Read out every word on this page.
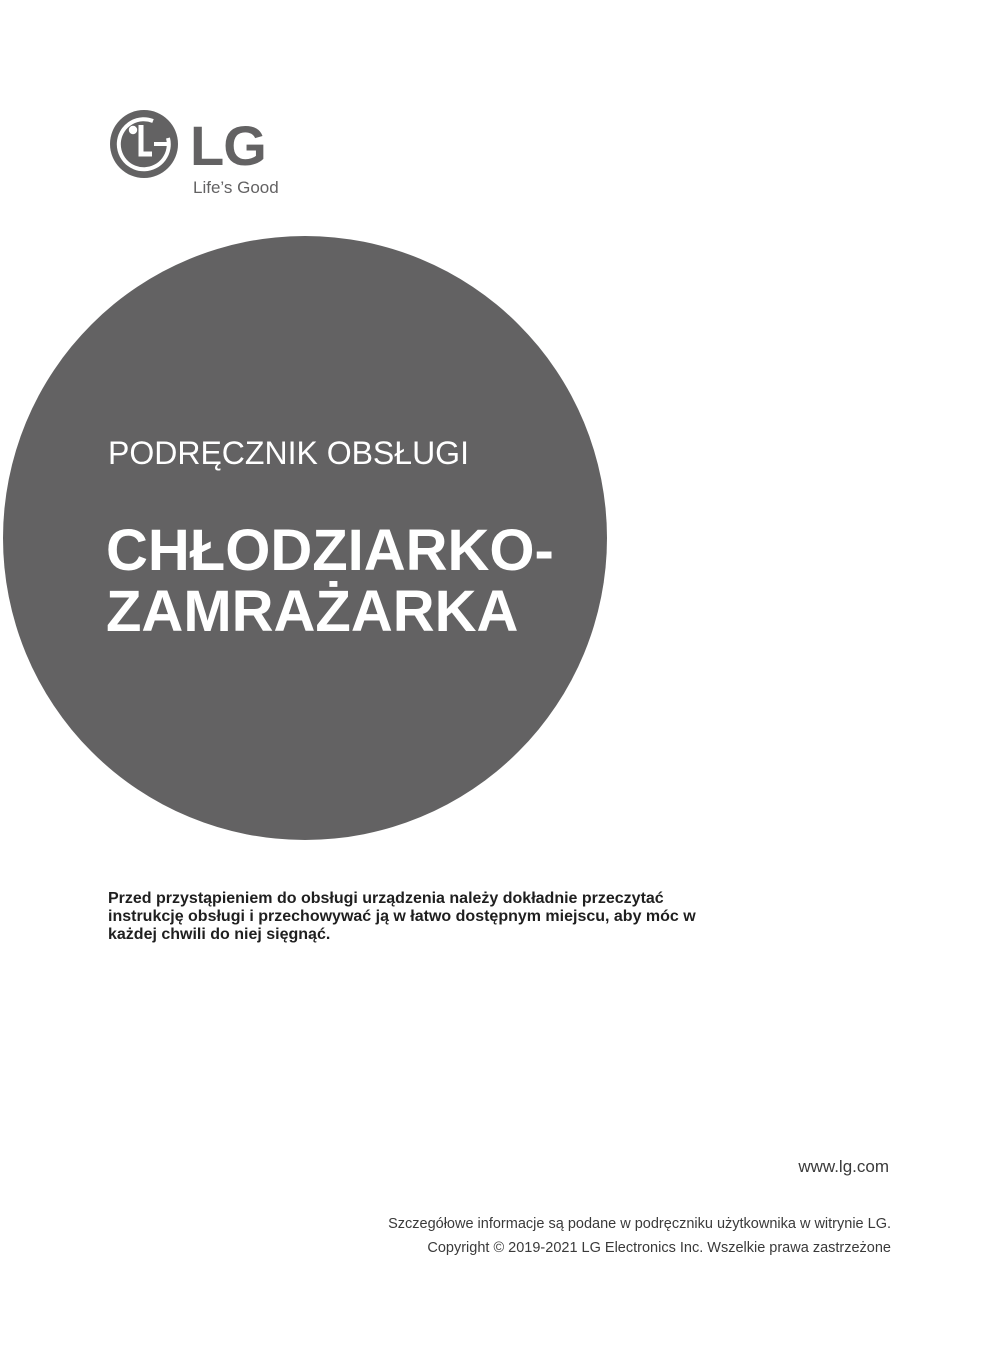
LG
Life’s Good
PODRĘCZNIK OBSŁUGI
CHŁODZIARKO-
ZAMRAŻARKA
Przed przystąpieniem do obsługi urządzenia należy dokładnie przeczytać
instrukcję obsługi i przechowywać ją w łatwo dostępnym miejscu, aby móc w
każdej chwili do niej sięgnąć.
www.lg.com
Szczegółowe informacje są podane w podręczniku użytkownika w witrynie LG.
Copyright © 2019-2021 LG Electronics Inc. Wszelkie prawa zastrzeżone
